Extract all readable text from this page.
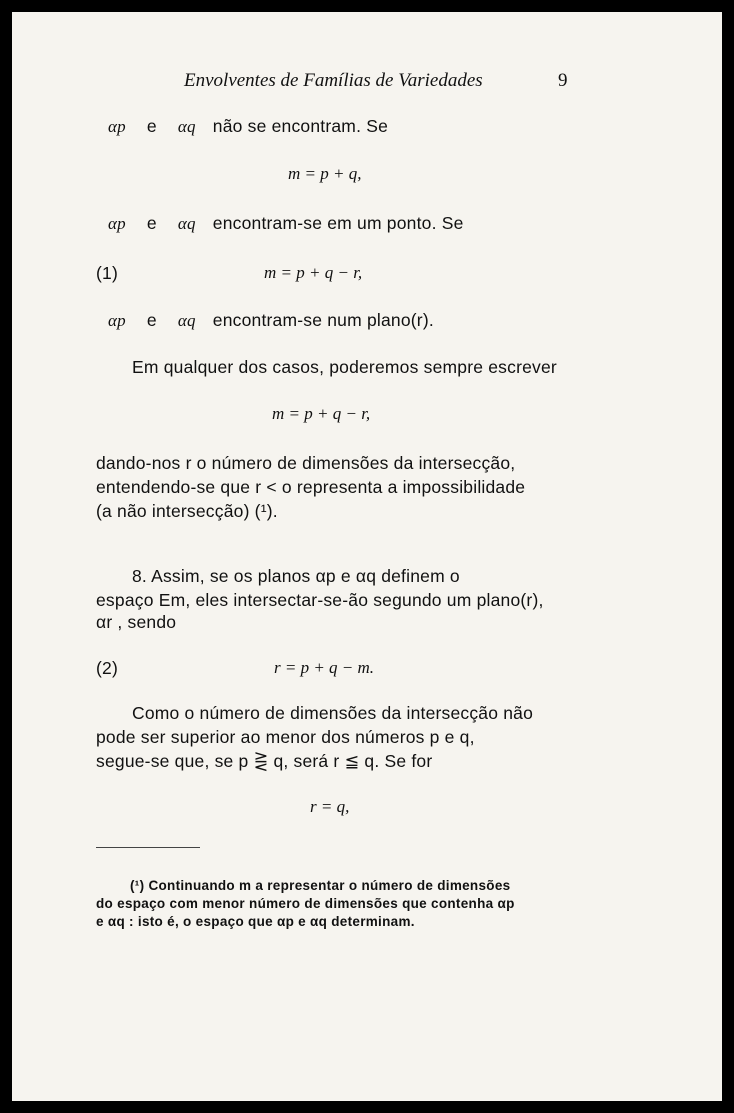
Envolventes de Famílias de Variedades	9
αp e αq não se encontram. Se
m = p + q,
αp e αq encontram-se em um ponto. Se
(1)	m = p + q − r,
αp e αq encontram-se num plano(r).
Em qualquer dos casos, poderemos sempre escrever
m = p + q − r,
dando-nos r o número de dimensões da intersecção,
entendendo-se que r < o representa a impossibilidade
(a não intersecção) (¹).
8. Assim, se os planos αp e αq definem o
espaço Em, eles intersectar-se-ão segundo um plano(r),
αr , sendo
(2)	r = p + q − m.
Como o número de dimensões da intersecção não
pode ser superior ao menor dos números p e q,
segue-se que, se p ⋛ q, será r ≦ q. Se for
r = q,
(¹) Continuando m a representar o número de dimensões
do espaço com menor número de dimensões que contenha αp
e αq : isto é, o espaço que αp e αq determinam.
